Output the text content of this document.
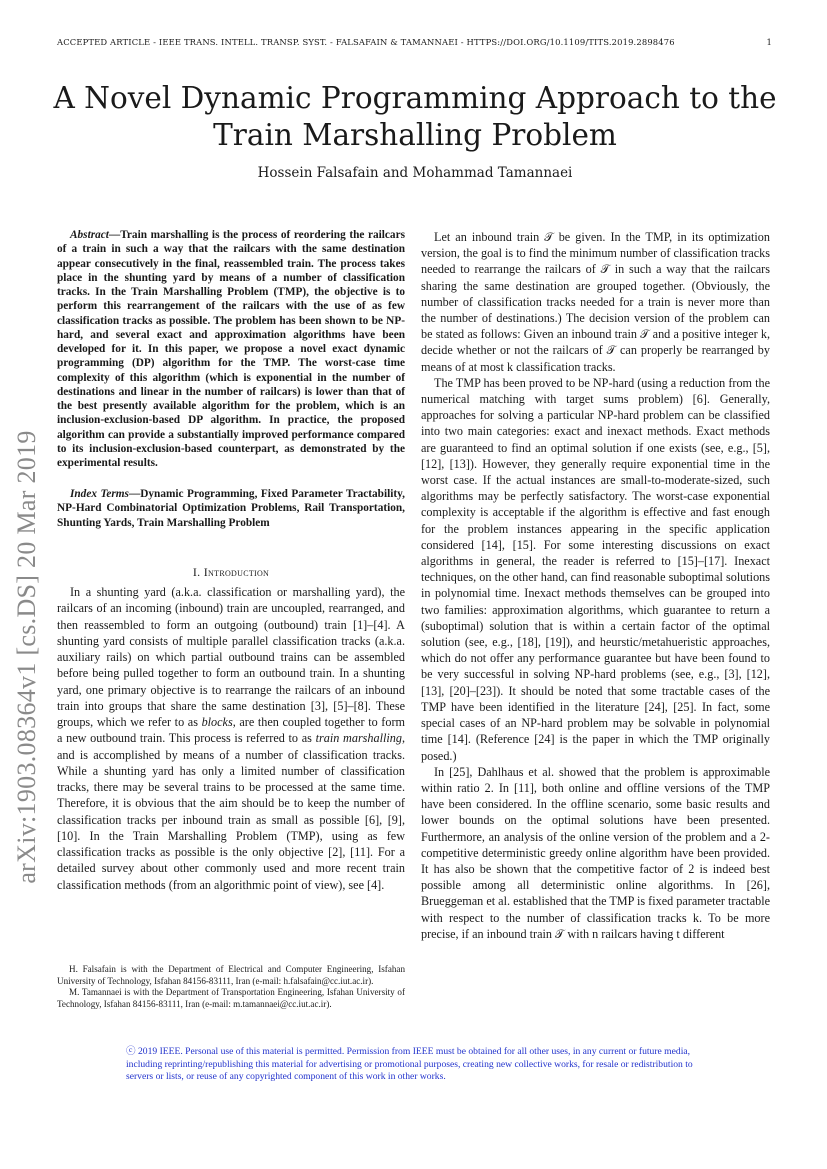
ACCEPTED ARTICLE - IEEE TRANS. INTELL. TRANSP. SYST. - FALSAFAIN & TAMANNAEI - HTTPS://DOI.ORG/10.1109/TITS.2019.2898476	1
A Novel Dynamic Programming Approach to the
Train Marshalling Problem
Hossein Falsafain and Mohammad Tamannaei
arXiv:1903.08364v1 [cs.DS] 20 Mar 2019

Abstract—Train marshalling is the process of reordering the railcars of a train in such a way that the railcars with the same destination appear consecutively in the final, reassembled train. The process takes place in the shunting yard by means of a number of classification tracks. In the Train Marshalling Problem (TMP), the objective is to perform this rearrangement of the railcars with the use of as few classification tracks as possible. The problem has been shown to be NP-hard, and several exact and approximation algorithms have been developed for it. In this paper, we propose a novel exact dynamic programming (DP) algorithm for the TMP. The worst-case time complexity of this algorithm (which is exponential in the number of destinations and linear in the number of railcars) is lower than that of the best presently available algorithm for the problem, which is an inclusion-exclusion-based DP algorithm. In practice, the proposed algorithm can provide a substantially improved performance compared to its inclusion-exclusion-based counterpart, as demonstrated by the experimental results.

Index Terms—Dynamic Programming, Fixed Parameter Tractability, NP-Hard Combinatorial Optimization Problems, Rail Transportation, Shunting Yards, Train Marshalling Problem

I. Introduction

In a shunting yard (a.k.a. classification or marshalling yard), the railcars of an incoming (inbound) train are uncoupled, rearranged, and then reassembled to form an outgoing (outbound) train [1]–[4]. A shunting yard consists of multiple parallel classification tracks (a.k.a. auxiliary rails) on which partial outbound trains can be assembled before being pulled together to form an outbound train. In a shunting yard, one primary objective is to rearrange the railcars of an inbound train into groups that share the same destination [3], [5]–[8]. These groups, which we refer to as blocks, are then coupled together to form a new outbound train. This process is referred to as train marshalling, and is accomplished by means of a number of classification tracks. While a shunting yard has only a limited number of classification tracks, there may be several trains to be processed at the same time. Therefore, it is obvious that the aim should be to keep the number of classification tracks per inbound train as small as possible [6], [9], [10]. In the Train Marshalling Problem (TMP), using as few classification tracks as possible is the only objective [2], [11]. For a detailed survey about other commonly used and more recent train classification methods (from an algorithmic point of view), see [4].

H. Falsafain is with the Department of Electrical and Computer Engineering, Isfahan University of Technology, Isfahan 84156-83111, Iran (e-mail: h.falsafain@cc.iut.ac.ir).

M. Tamannaei is with the Department of Transportation Engineering, Isfahan University of Technology, Isfahan 84156-83111, Iran (e-mail: m.tamannaei@cc.iut.ac.ir).

Let an inbound train 𝒯 be given. In the TMP, in its optimization version, the goal is to find the minimum number of classification tracks needed to rearrange the railcars of 𝒯 in such a way that the railcars sharing the same destination are grouped together. (Obviously, the number of classification tracks needed for a train is never more than the number of destinations.) The decision version of the problem can be stated as follows: Given an inbound train 𝒯 and a positive integer k, decide whether or not the railcars of 𝒯 can properly be rearranged by means of at most k classification tracks.

The TMP has been proved to be NP-hard (using a reduction from the numerical matching with target sums problem) [6]. Generally, approaches for solving a particular NP-hard problem can be classified into two main categories: exact and inexact methods. Exact methods are guaranteed to find an optimal solution if one exists (see, e.g., [5], [12], [13]). However, they generally require exponential time in the worst case. If the actual instances are small-to-moderate-sized, such algorithms may be perfectly satisfactory. The worst-case exponential complexity is acceptable if the algorithm is effective and fast enough for the problem instances appearing in the specific application considered [14], [15]. For some interesting discussions on exact algorithms in general, the reader is referred to [15]–[17]. Inexact techniques, on the other hand, can find reasonable suboptimal solutions in polynomial time. Inexact methods themselves can be grouped into two families: approximation algorithms, which guarantee to return a (suboptimal) solution that is within a certain factor of the optimal solution (see, e.g., [18], [19]), and heurstic/metahueristic approaches, which do not offer any performance guarantee but have been found to be very successful in solving NP-hard problems (see, e.g., [3], [12], [13], [20]–[23]). It should be noted that some tractable cases of the TMP have been identified in the literature [24], [25]. In fact, some special cases of an NP-hard problem may be solvable in polynomial time [14]. (Reference [24] is the paper in which the TMP originally posed.)

In [25], Dahlhaus et al. showed that the problem is approximable within ratio 2. In [11], both online and offline versions of the TMP have been considered. In the offline scenario, some basic results and lower bounds on the optimal solutions have been presented. Furthermore, an analysis of the online version of the problem and a 2-competitive deterministic greedy online algorithm have been provided. It has also be shown that the competitive factor of 2 is indeed best possible among all deterministic online algorithms. In [26], Brueggeman et al. established that the TMP is fixed parameter tractable with respect to the number of classification tracks k. To be more precise, if an inbound train 𝒯 with n railcars having t different

ⓒ 2019 IEEE. Personal use of this material is permitted. Permission from IEEE must be obtained for all other uses, in any current or future media, including reprinting/republishing this material for advertising or promotional purposes, creating new collective works, for resale or redistribution to servers or lists, or reuse of any copyrighted component of this work in other works.
